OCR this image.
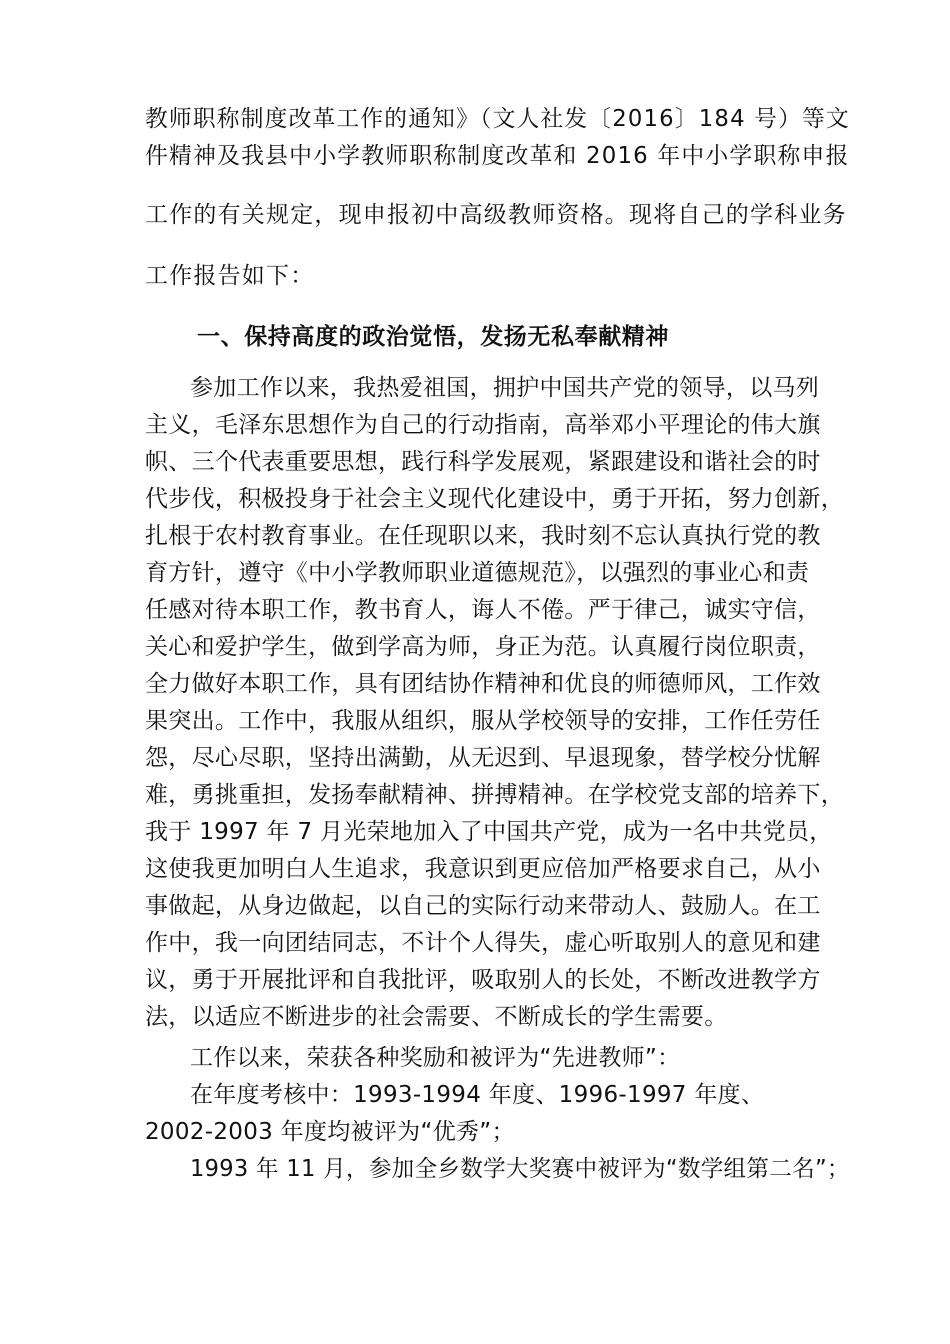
教师职称制度改革工作的通知》（文人社发〔2016〕184 号）等文
件精神及我县中小学教师职称制度改革和 2016 年中小学职称申报
工作的有关规定，现申报初中高级教师资格。现将自己的学科业务
工作报告如下：
一、保持高度的政治觉悟，发扬无私奉献精神
参加工作以来，我热爱祖国，拥护中国共产党的领导，以马列
主义，毛泽东思想作为自己的行动指南，高举邓小平理论的伟大旗
帜、三个代表重要思想，践行科学发展观，紧跟建设和谐社会的时
代步伐，积极投身于社会主义现代化建设中，勇于开拓，努力创新，
扎根于农村教育事业。在任现职以来，我时刻不忘认真执行党的教
育方针，遵守《中小学教师职业道德规范》，以强烈的事业心和责
任感对待本职工作，教书育人，诲人不倦。严于律己，诚实守信，
关心和爱护学生，做到学高为师，身正为范。认真履行岗位职责，
全力做好本职工作，具有团结协作精神和优良的师德师风，工作效
果突出。工作中，我服从组织，服从学校领导的安排，工作任劳任
怨，尽心尽职，坚持出满勤，从无迟到、早退现象，替学校分忧解
难，勇挑重担，发扬奉献精神、拼搏精神。在学校党支部的培养下，
我于 1997 年 7 月光荣地加入了中国共产党，成为一名中共党员，
这使我更加明白人生追求，我意识到更应倍加严格要求自己，从小
事做起，从身边做起，以自己的实际行动来带动人、鼓励人。在工
作中，我一向团结同志，不计个人得失，虚心听取别人的意见和建
议，勇于开展批评和自我批评，吸取别人的长处，不断改进教学方
法，以适应不断进步的社会需要、不断成长的学生需要。
工作以来，荣获各种奖励和被评为“先进教师”：
在年度考核中：1993-1994 年度、1996-1997 年度、
2002-2003 年度均被评为“优秀”；
1993 年 11 月，参加全乡数学大奖赛中被评为“数学组第二名”；
